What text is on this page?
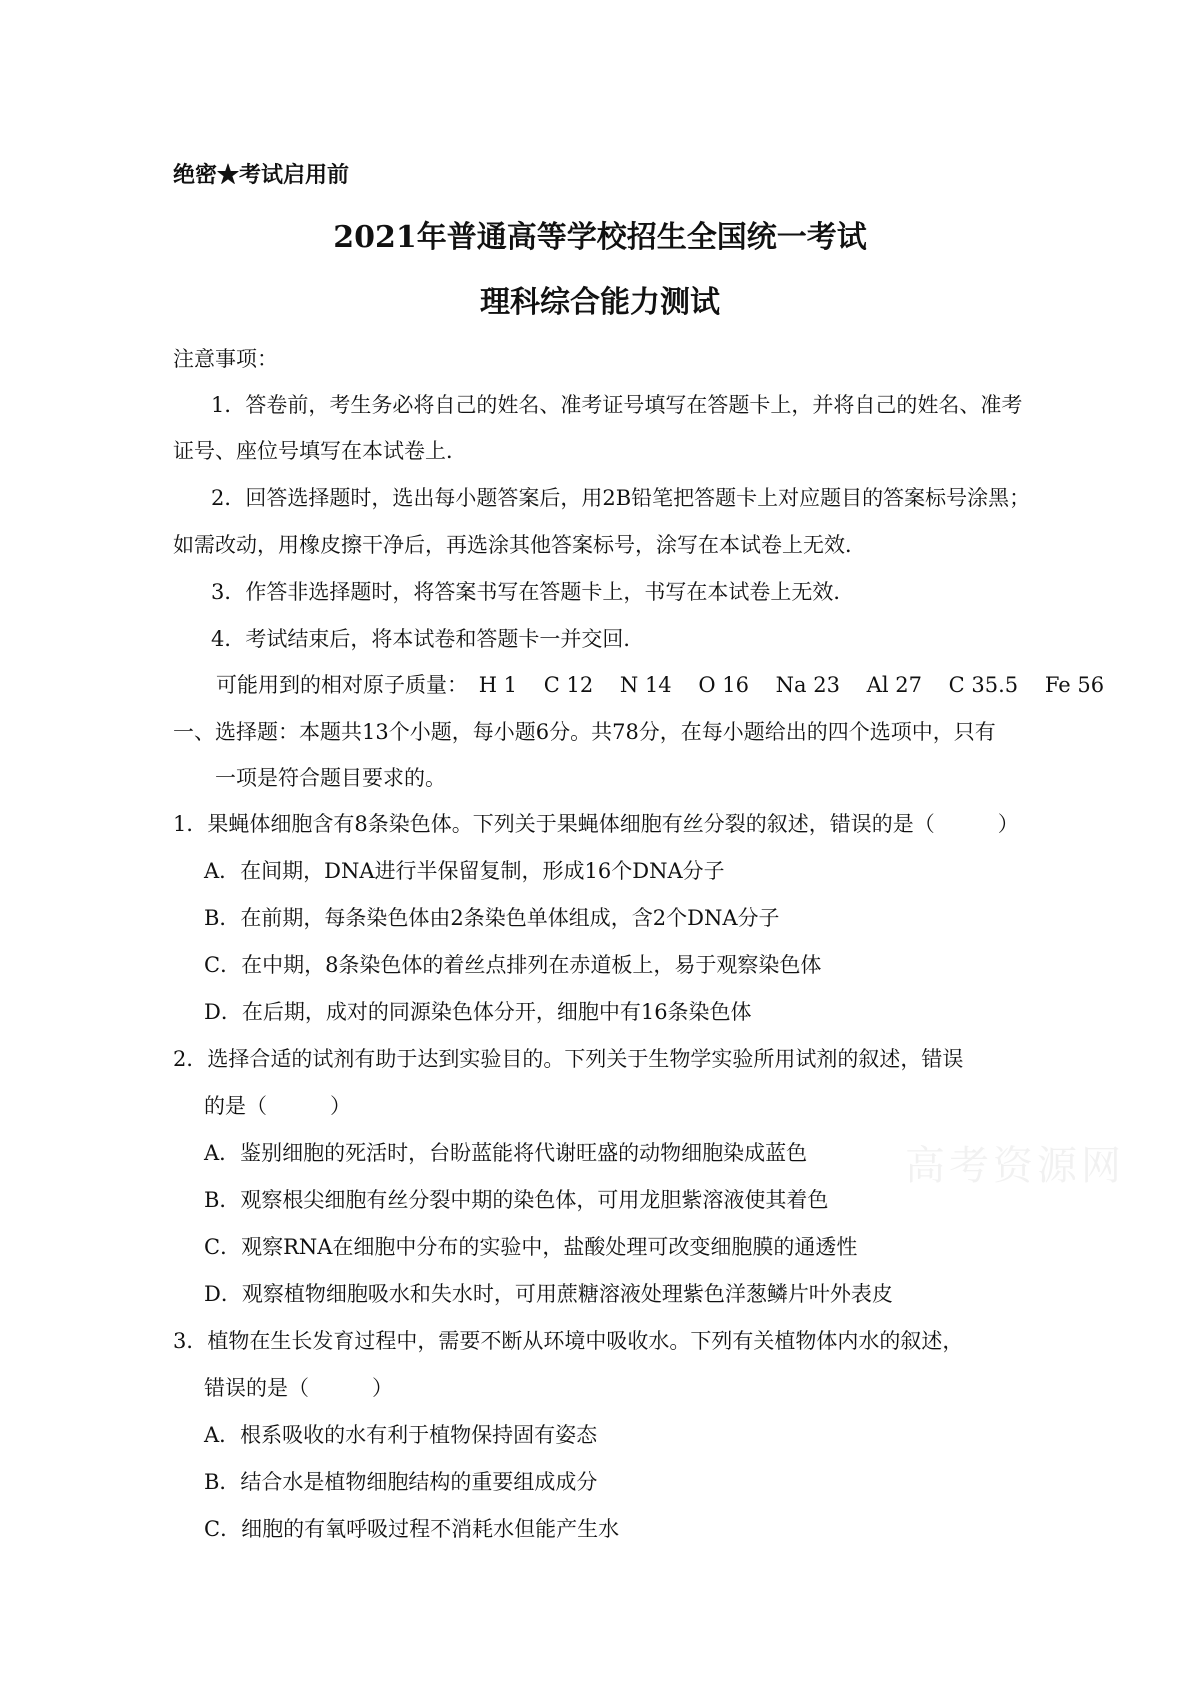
绝密★考试启用前
2021年普通高等学校招生全国统一考试
理科综合能力测试
注意事项：
1．答卷前，考生务必将自己的姓名、准考证号填写在答题卡上，并将自己的姓名、准考
证号、座位号填写在本试卷上．
2．回答选择题时，选出每小题答案后，用2B铅笔把答题卡上对应题目的答案标号涂黑；
如需改动，用橡皮擦干净后，再选涂其他答案标号，涂写在本试卷上无效．
3．作答非选择题时，将答案书写在答题卡上，书写在本试卷上无效．
4．考试结束后，将本试卷和答题卡一并交回．
可能用到的相对原子质量： H 1 C 12 N 14 O 16 Na 23 Al 27 C 35.5 Fe 56
一、选择题：本题共13个小题，每小题6分。共78分，在每小题给出的四个选项中，只有
一项是符合题目要求的。
1．果蝇体细胞含有8条染色体。下列关于果蝇体细胞有丝分裂的叙述，错误的是（　　　）
A．在间期，DNA进行半保留复制，形成16个DNA分子
B．在前期，每条染色体由2条染色单体组成，含2个DNA分子
C．在中期，8条染色体的着丝点排列在赤道板上，易于观察染色体
D．在后期，成对的同源染色体分开，细胞中有16条染色体
2．选择合适的试剂有助于达到实验目的。下列关于生物学实验所用试剂的叙述，错误
的是（　　　）
A．鉴别细胞的死活时，台盼蓝能将代谢旺盛的动物细胞染成蓝色
B．观察根尖细胞有丝分裂中期的染色体，可用龙胆紫溶液使其着色
C．观察RNA在细胞中分布的实验中，盐酸处理可改变细胞膜的通透性
D．观察植物细胞吸水和失水时，可用蔗糖溶液处理紫色洋葱鳞片叶外表皮
3．植物在生长发育过程中，需要不断从环境中吸收水。下列有关植物体内水的叙述，
错误的是（　　　）
A．根系吸收的水有利于植物保持固有姿态
B．结合水是植物细胞结构的重要组成成分
C．细胞的有氧呼吸过程不消耗水但能产生水
高考资源网
